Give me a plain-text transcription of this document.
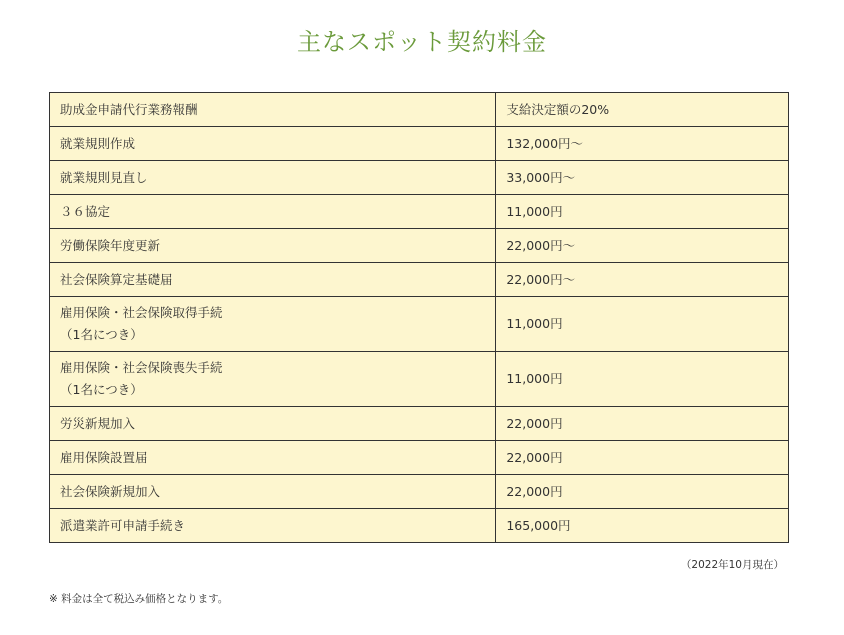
主なスポット契約料金
助成金申請代行業務報酬	支給決定額の20%
就業規則作成	132,000円～
就業規則見直し	33,000円～
３６協定	11,000円
労働保険年度更新	22,000円～
社会保険算定基礎届	22,000円～

雇用保険・社会保険取得手続
（1名につき）	11,000円

雇用保険・社会保険喪失手続
（1名につき）	11,000円
労災新規加入	22,000円
雇用保険設置届	22,000円
社会保険新規加入	22,000円
派遣業許可申請手続き	165,000円
（2022年10月現在）
※ 料金は全て税込み価格となります。
